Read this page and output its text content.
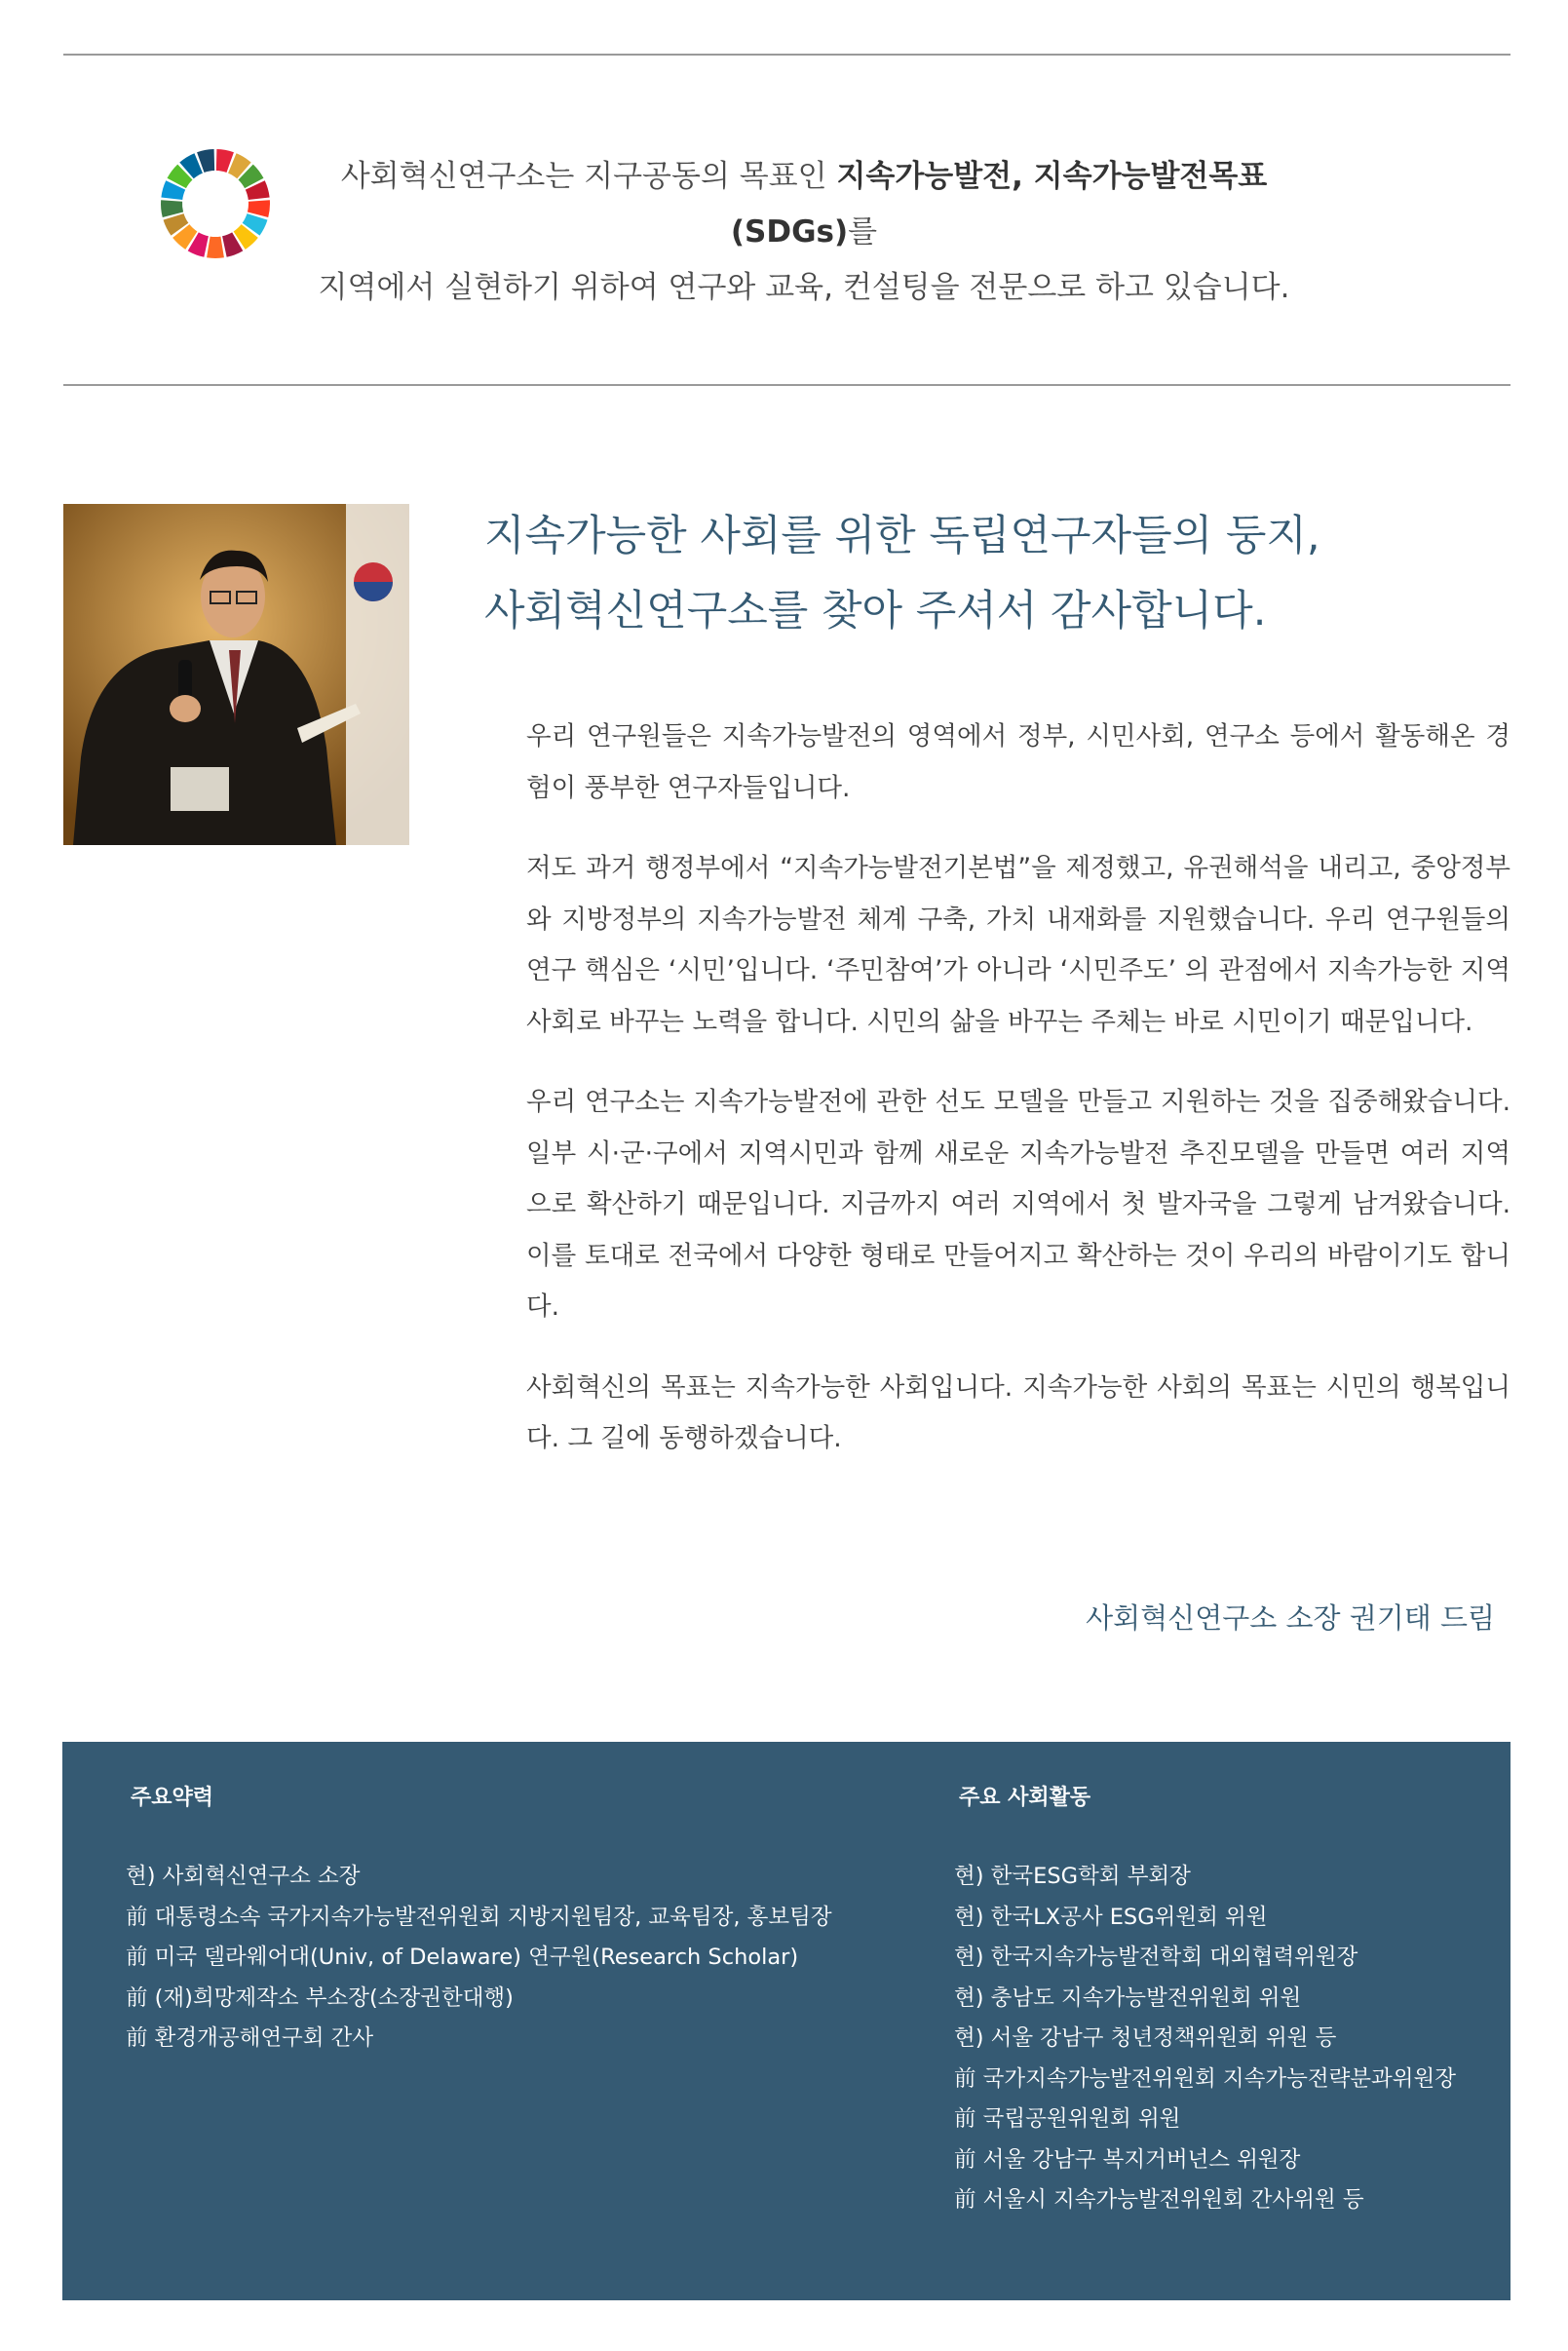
사회혁신연구소는 지구공동의 목표인 지속가능발전, 지속가능발전목표(SDGs)를
지역에서 실현하기 위하여 연구와 교육, 컨설팅을 전문으로 하고 있습니다.
지속가능한 사회를 위한 독립연구자들의 둥지,
사회혁신연구소를 찾아 주셔서 감사합니다.

우리 연구원들은 지속가능발전의 영역에서 정부, 시민사회, 연구소 등에서 활동해온 경험이 풍부한 연구자들입니다.

저도 과거 행정부에서 “지속가능발전기본법”을 제정했고, 유권해석을 내리고, 중앙정부와 지방정부의 지속가능발전 체계 구축, 가치 내재화를 지원했습니다. 우리 연구원들의 연구 핵심은 ‘시민’입니다. ‘주민참여’가 아니라 ‘시민주도’ 의 관점에서 지속가능한 지역사회로 바꾸는 노력을 합니다. 시민의 삶을 바꾸는 주체는 바로 시민이기 때문입니다.

우리 연구소는 지속가능발전에 관한 선도 모델을 만들고 지원하는 것을 집중해왔습니다. 일부 시·군·구에서 지역시민과 함께 새로운 지속가능발전 추진모델을 만들면 여러 지역으로 확산하기 때문입니다. 지금까지 여러 지역에서 첫 발자국을 그렇게 남겨왔습니다. 이를 토대로 전국에서 다양한 형태로 만들어지고 확산하는 것이 우리의 바람이기도 합니다.

사회혁신의 목표는 지속가능한 사회입니다. 지속가능한 사회의 목표는 시민의 행복입니다. 그 길에 동행하겠습니다.

사회혁신연구소 소장 권기태 드림
주요약력
현) 사회혁신연구소 소장
前 대통령소속 국가지속가능발전위원회 지방지원팀장, 교육팀장, 홍보팀장
前 미국 델라웨어대(Univ, of Delaware) 연구원(Research Scholar)
前 (재)희망제작소 부소장(소장권한대행)
前 환경개공해연구회 간사
주요 사회활동
현) 한국ESG학회 부회장
현) 한국LX공사 ESG위원회 위원
현) 한국지속가능발전학회 대외협력위원장
현) 충남도 지속가능발전위원회 위원
현) 서울 강남구 청년정책위원회 위원 등
前 국가지속가능발전위원회 지속가능전략분과위원장
前 국립공원위원회 위원
前 서울 강남구 복지거버넌스 위원장
前 서울시 지속가능발전위원회 간사위원 등
